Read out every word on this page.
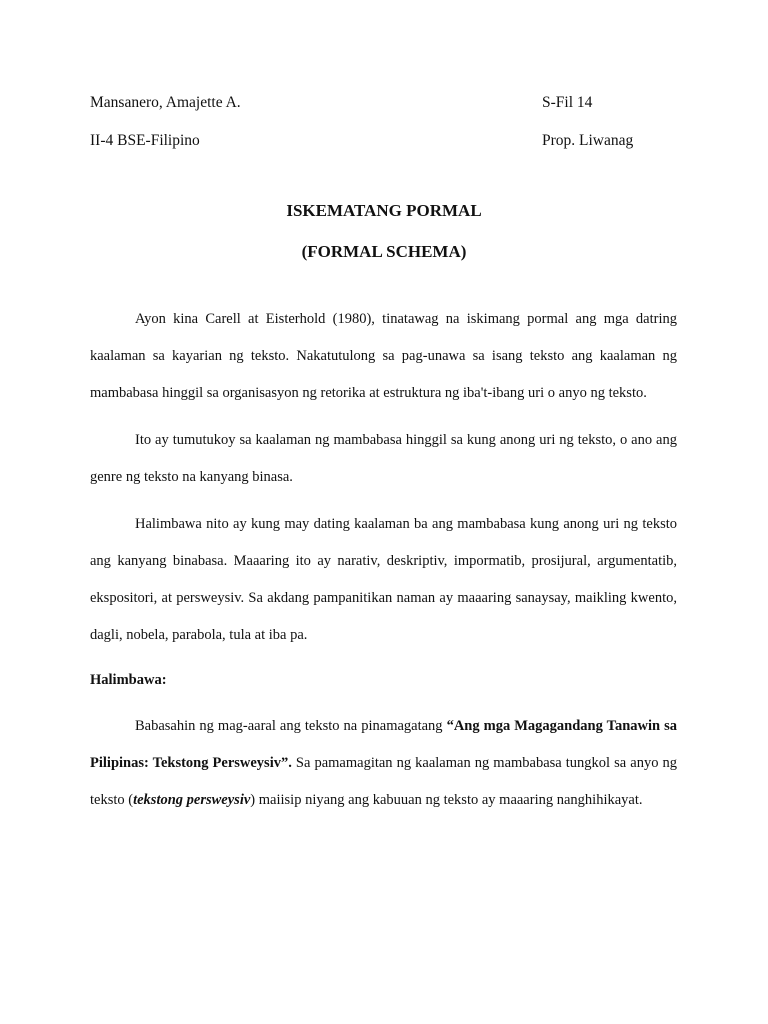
Mansanero, Amajette A.	S-Fil 14
II-4 BSE-Filipino	Prop. Liwanag
ISKEMATANG PORMAL
(FORMAL SCHEMA)

Ayon kina Carell at Eisterhold (1980), tinatawag na iskimang pormal ang mga datring kaalaman sa kayarian ng teksto. Nakatutulong sa pag-unawa sa isang teksto ang kaalaman ng mambabasa hinggil sa organisasyon ng retorika at estruktura ng iba't-ibang uri o anyo ng teksto.

Ito ay tumutukoy sa kaalaman ng mambabasa hinggil sa kung anong uri ng teksto, o ano ang genre ng teksto na kanyang binasa.

Halimbawa nito ay kung may dating kaalaman ba ang mambabasa kung anong uri ng teksto ang kanyang binabasa. Maaaring ito ay narativ, deskriptiv, impormatib, prosijural, argumentatib, ekspositori, at persweysiv. Sa akdang pampanitikan naman ay maaaring sanaysay, maikling kwento, dagli, nobela, parabola, tula at iba pa.

Halimbawa:

Babasahin ng mag-aaral ang teksto na pinamagatang “Ang mga Magagandang Tanawin sa Pilipinas: Tekstong Persweysiv”. Sa pamamagitan ng kaalaman ng mambabasa tungkol sa anyo ng teksto (tekstong persweysiv) maiisip niyang ang kabuuan ng teksto ay maaaring nanghihikayat.
